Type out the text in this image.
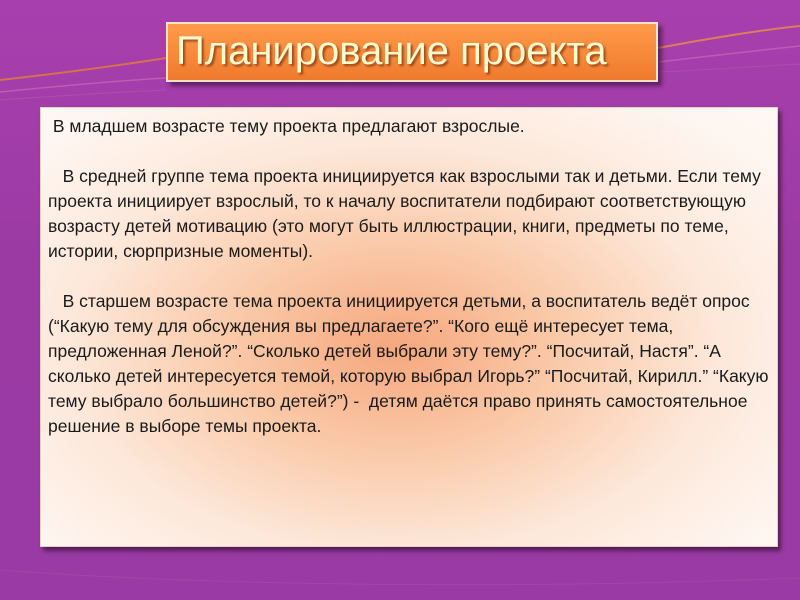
Планирование проекта
В младшем возрасте тему проекта предлагают взрослые.

В средней группе тема проекта инициируется как взрослыми так и детьми. Если тему проекта инициирует взрослый, то к началу воспитатели подбирают соответствующую возрасту детей мотивацию (это могут быть иллюстрации, книги, предметы по теме, истории, сюрпризные моменты).

В старшем возрасте тема проекта инициируется детьми, а воспитатель ведёт опрос (“Какую тему для обсуждения вы предлагаете?”. “Кого ещё интересует тема, предложенная Леной?”. “Сколько детей выбрали эту тему?”. “Посчитай, Настя”. “А сколько детей интересуется темой, которую выбрал Игорь?” “Посчитай, Кирилл.” “Какую тему выбрало большинство детей?”) -  детям даётся право принять самостоятельное решение в выборе темы проекта.
